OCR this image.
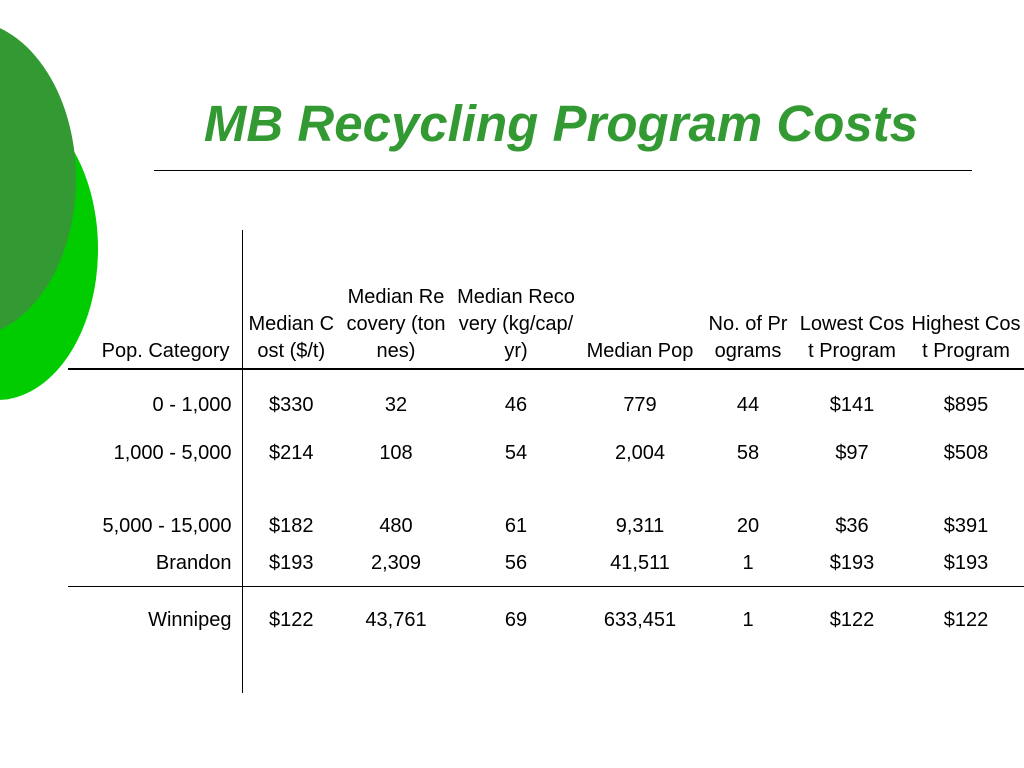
MB Recycling Program Costs
Pop. Category	Median Cost ($/t)	Median Recovery (tonnes)	Median Recovery (kg/cap/yr)	Median Pop	No. of Programs	Lowest Cost Program	Highest Cost Program
0 - 1,000	$330	32	46	779	44	$141	$895
1,000 - 5,000	$214	108	54	2,004	58	$97	$508
5,000 - 15,000	$182	480	61	9,311	20	$36	$391
Brandon	$193	2,309	56	41,511	1	$193	$193
Winnipeg	$122	43,761	69	633,451	1	$122	$122
